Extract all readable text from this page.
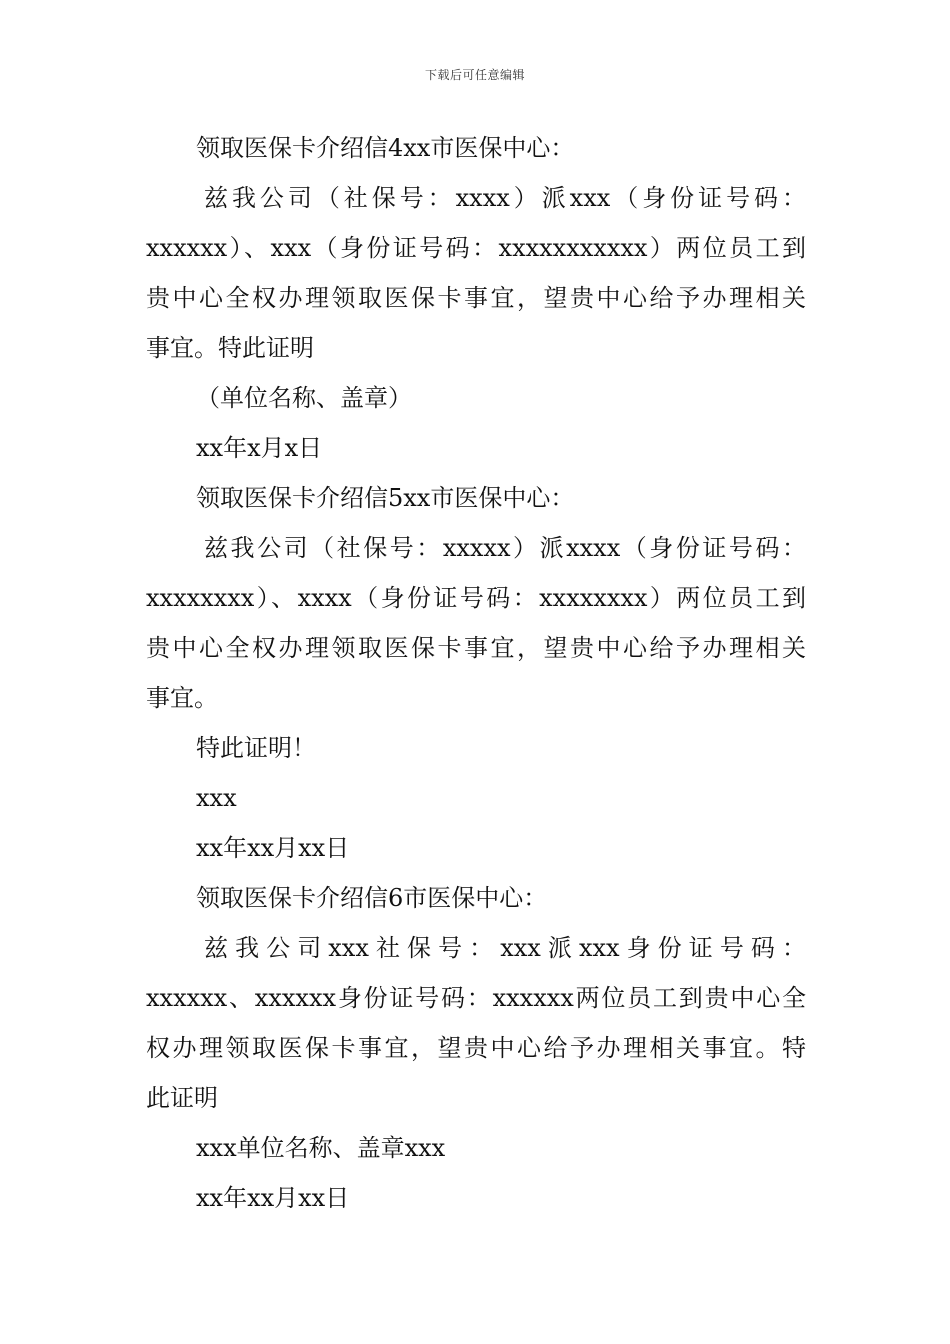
下载后可任意编辑
领取医保卡介绍信4xx市医保中心：
兹我公司（社保号：xxxx）派xxx（身份证号码：
xxxxxx）、xxx（身份证号码：xxxxxxxxxxx）两位员工到
贵中心全权办理领取医保卡事宜，望贵中心给予办理相关
事宜。特此证明
（单位名称、盖章）
xx年x月x日
领取医保卡介绍信5xx市医保中心：
兹我公司（社保号：xxxxx）派xxxx（身份证号码：
xxxxxxxx）、xxxx（身份证号码：xxxxxxxx）两位员工到
贵中心全权办理领取医保卡事宜，望贵中心给予办理相关
事宜。
特此证明！
xxx
xx年xx月xx日
领取医保卡介绍信6市医保中心：
兹我公司xxx社保号：xxx派xxx身份证号码：
xxxxxx、xxxxxx身份证号码：xxxxxx两位员工到贵中心全
权办理领取医保卡事宜，望贵中心给予办理相关事宜。特
此证明
xxx单位名称、盖章xxx
xx年xx月xx日
